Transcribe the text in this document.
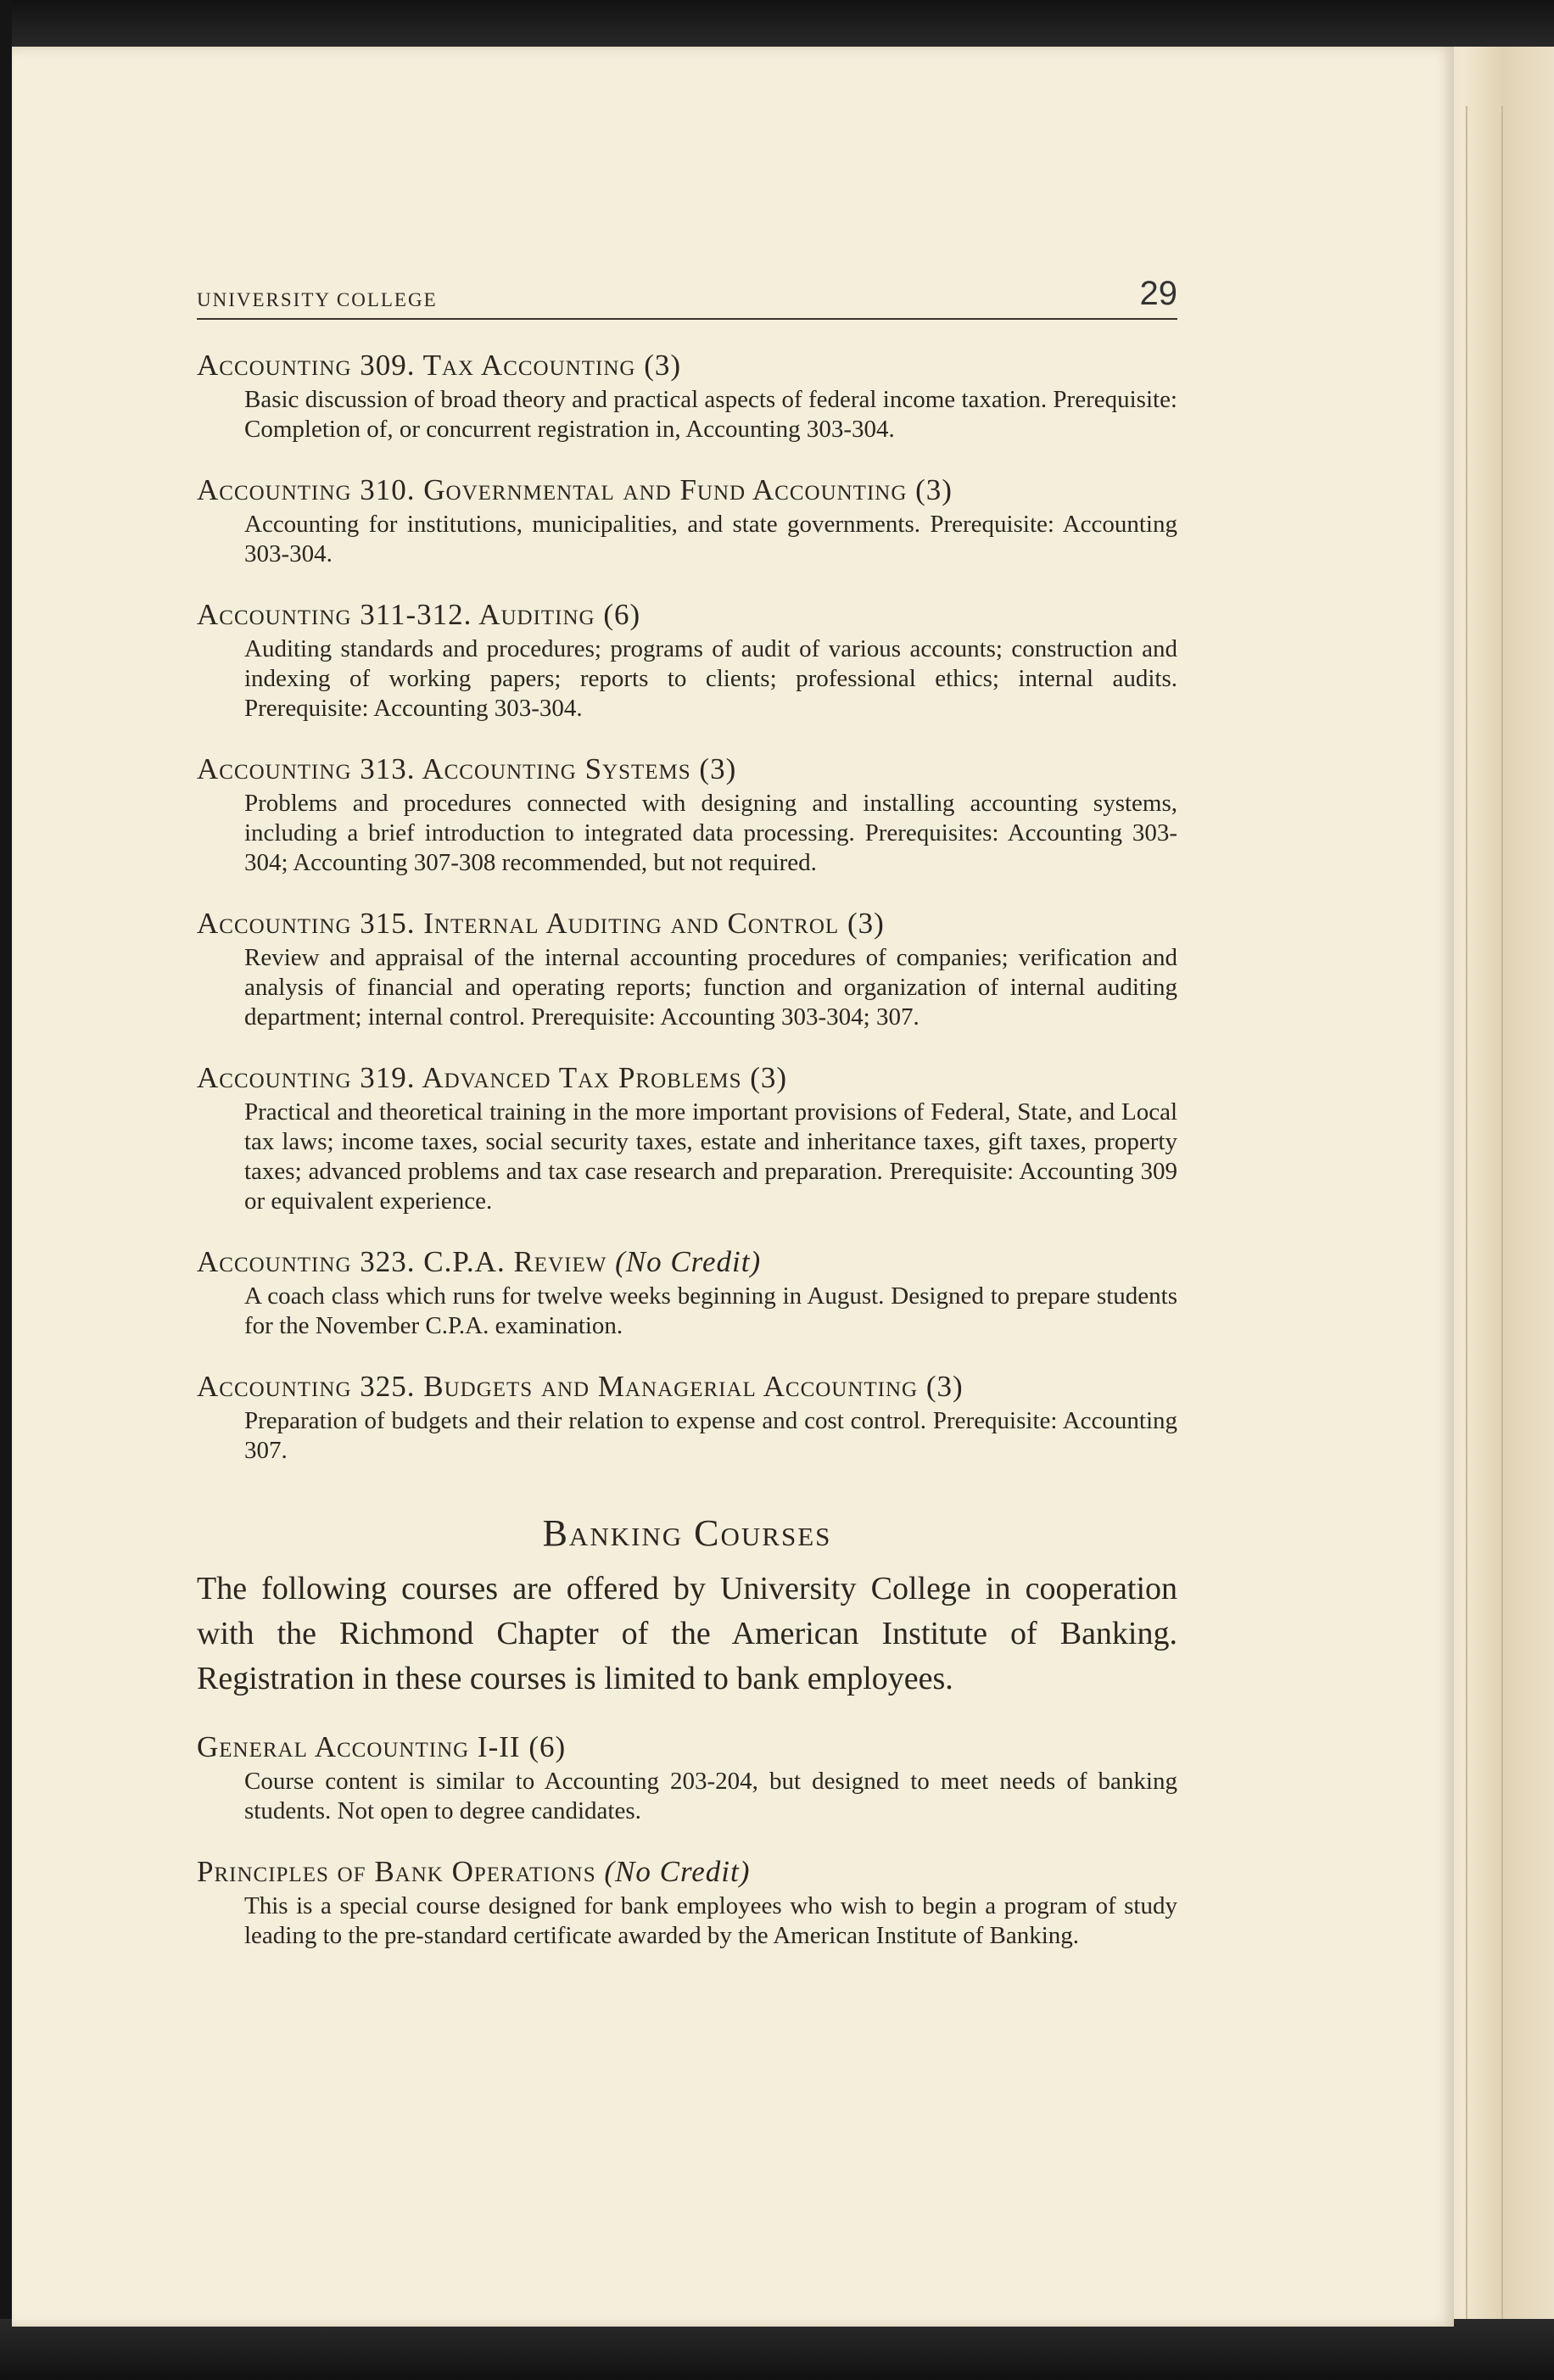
UNIVERSITY COLLEGE	29
Accounting 309. Tax Accounting (3)
Basic discussion of broad theory and practical aspects of federal income taxation. Prerequisite: Completion of, or concurrent registration in, Accounting 303-304.
Accounting 310. Governmental and Fund Accounting (3)
Accounting for institutions, municipalities, and state governments. Prerequisite: Accounting 303-304.
Accounting 311-312. Auditing (6)
Auditing standards and procedures; programs of audit of various accounts; construction and indexing of working papers; reports to clients; professional ethics; internal audits. Prerequisite: Accounting 303-304.
Accounting 313. Accounting Systems (3)
Problems and procedures connected with designing and installing accounting systems, including a brief introduction to integrated data processing. Prerequisites: Accounting 303-304; Accounting 307-308 recommended, but not required.
Accounting 315. Internal Auditing and Control (3)
Review and appraisal of the internal accounting procedures of companies; verification and analysis of financial and operating reports; function and organization of internal auditing department; internal control. Prerequisite: Accounting 303-304; 307.
Accounting 319. Advanced Tax Problems (3)
Practical and theoretical training in the more important provisions of Federal, State, and Local tax laws; income taxes, social security taxes, estate and inheritance taxes, gift taxes, property taxes; advanced problems and tax case research and preparation. Prerequisite: Accounting 309 or equivalent experience.
Accounting 323. C.P.A. Review (No Credit)
A coach class which runs for twelve weeks beginning in August. Designed to prepare students for the November C.P.A. examination.
Accounting 325. Budgets and Managerial Accounting (3)
Preparation of budgets and their relation to expense and cost control. Prerequisite: Accounting 307.
Banking Courses
The following courses are offered by University College in cooperation with the Richmond Chapter of the American Institute of Banking. Registration in these courses is limited to bank employees.
General Accounting I-II (6)
Course content is similar to Accounting 203-204, but designed to meet needs of banking students. Not open to degree candidates.
Principles of Bank Operations (No Credit)
This is a special course designed for bank employees who wish to begin a program of study leading to the pre-standard certificate awarded by the American Institute of Banking.
